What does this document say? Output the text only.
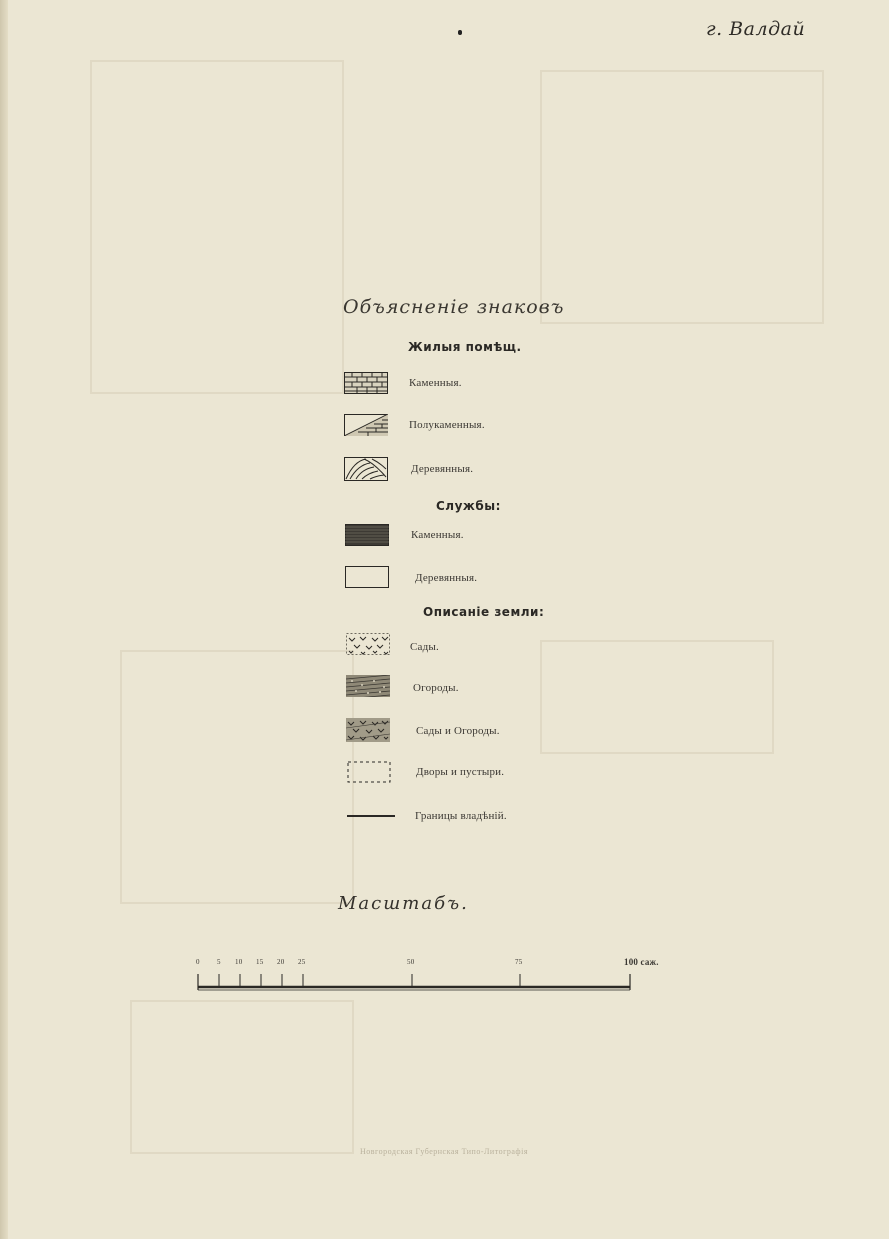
г. Валдай
Объясненіе знаковъ
Жилыя помѣщ.
Каменныя.
Полукаменныя.
Деревянныя.
Службы:
Каменныя.
Деревянныя.
Описаніе земли:
Сады.
Огороды.
Сады и Огороды.
Дворы и пустыри.
Границы владѣній.
Масштабъ.
0 5 10 15 20 25	50	75	100 саж.
Новгородская Губернская Типо-Литографія
